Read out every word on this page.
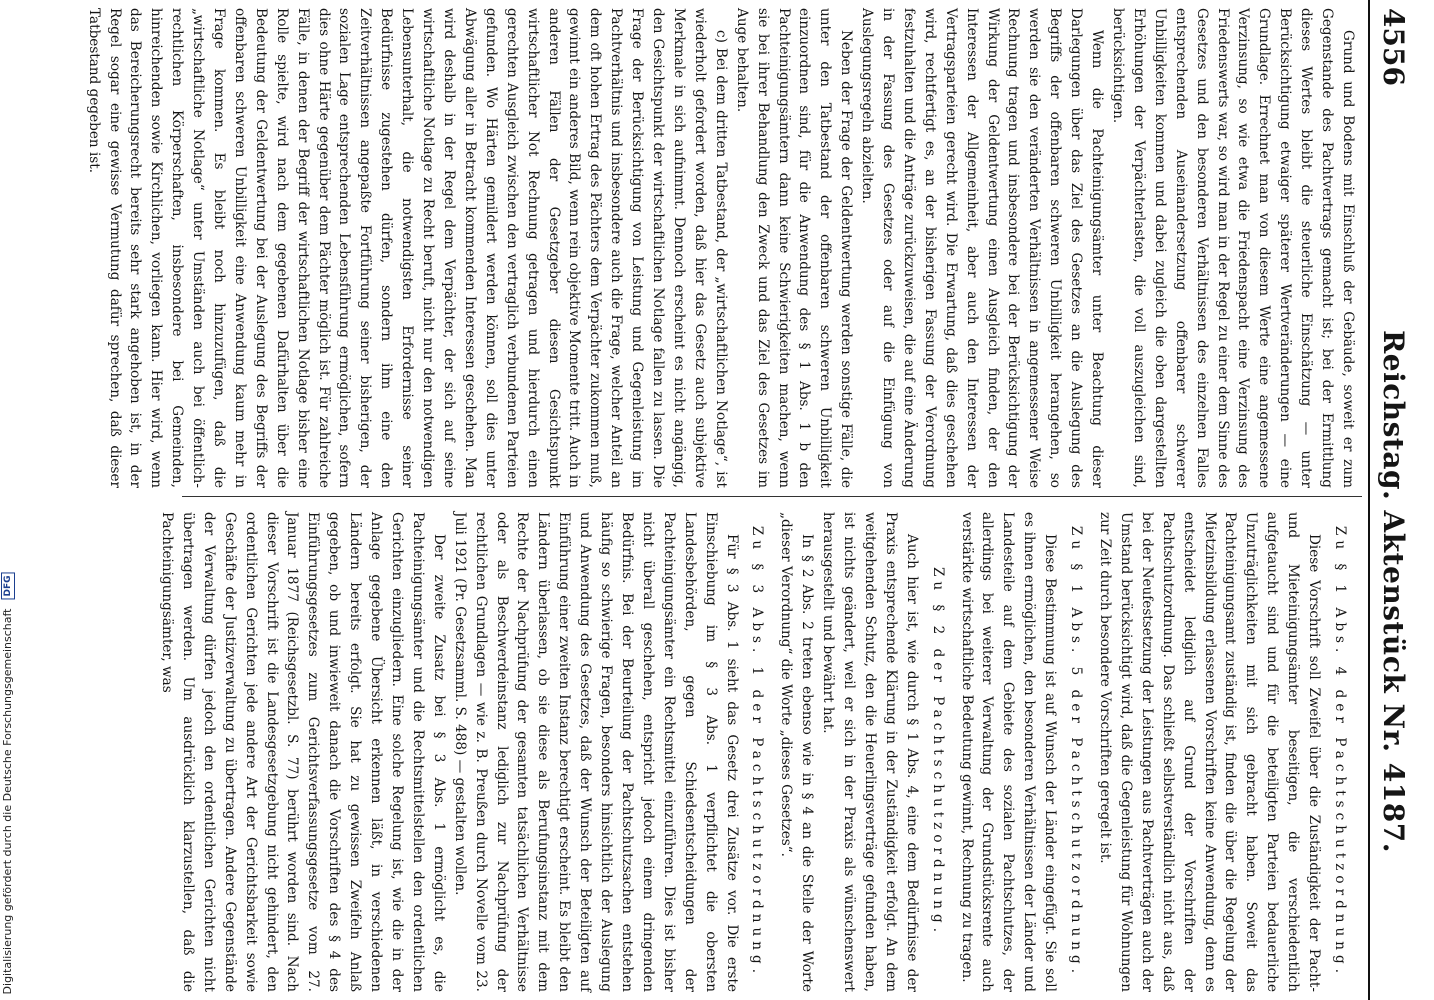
4556
Reichstag. Aktenstück Nr. 4187.

Grund und Bodens mit Einschluß der Gebäude, soweit er zum Gegenstande des Pachtvertrags gemacht ist; bei der Ermittlung dieses Wertes bleibt die steuerliche Einschätzung — unter Berücksichtigung etwaiger späterer Wertveränderungen — eine Grundlage. Errechnet man von diesem Werte eine angemessene Verzinsung, so wie etwa die Friedenspacht eine Verzinsung des Friedenswerts war, so wird man in der Regel zu einer dem Sinne des Gesetzes und den besonderen Verhältnissen des einzelnen Falles entsprechenden Auseinandersetzung offenbarer schwerer Unbilligkeiten kommen und dabei zugleich die oben dargestellten Erhöhungen der Verpächterlasten, die voll auszugleichen sind, berücksichtigen.

Wenn die Pachteinigungsämter unter Beachtung dieser Darlegungen über das Ziel des Gesetzes an die Auslegung des Begriffs der offenbaren schweren Unbilligkeit herangehen, so werden sie den veränderten Verhältnissen in angemessener Weise Rechnung tragen und insbesondere bei der Berücksichtigung der Wirkung der Geldentwertung einen Ausgleich finden, der den Interessen der Allgemeinheit, aber auch den Interessen der Vertragsparteien gerecht wird. Die Erwartung, daß dies geschehen wird, rechtfertigt es, an der bisherigen Fassung der Verordnung festzuhalten und die Anträge zurückzuweisen, die auf eine Änderung in der Fassung des Gesetzes oder auf die Einfügung von Auslegungsregeln abzielten.

Neben der Frage der Geldentwertung werden sonstige Fälle, die unter den Tatbestand der offenbaren schweren Unbilligkeit einzuordnen sind, für die Anwendung des § 1 Abs. 1 b den Pachteinigungsämtern dann keine Schwierigkeiten machen, wenn sie bei ihrer Behandlung den Zweck und das Ziel des Gesetzes im Auge behalten.

c) Bei dem dritten Tatbestand, der „wirtschaftlichen Notlage“, ist wiederholt gefordert worden, daß hier das Gesetz auch subjektive Merkmale in sich aufnimmt. Dennoch erscheint es nicht angängig, den Gesichtspunkt der wirtschaftlichen Notlage fallen zu lassen. Die Frage der Berücksichtigung von Leistung und Gegenleistung im Pachtverhältnis und insbesondere auch die Frage, welcher Anteil an dem oft hohen Ertrag des Pächters dem Verpächter zukommen muß, gewinnt ein anderes Bild, wenn rein objektive Momente tritt. Auch in anderen Fällen der Gesetzgeber diesen Gesichtspunkt wirtschaftlicher Not Rechnung getragen und hierdurch einen gerechten Ausgleich zwischen den vertraglich verbundenen Parteien gefunden. Wo Härten gemildert werden können, soll dies unter Abwägung aller in Betracht kommenden Interessen geschehen. Man wird deshalb in der Regel dem Verpächter, der sich auf seine wirtschaftliche Notlage zu Recht beruft, nicht nur den notwendigen Lebensunterhalt, die notwendigsten Erfordernisse seiner Bedürfnisse zugestehen dürfen, sondern ihm eine den Zeitverhältnissen angepaßte Fortführung seiner bisherigen, der sozialen Lage entsprechenden Lebensführung ermöglichen, sofern dies ohne Härte gegenüber dem Pächter möglich ist. Für zahlreiche Fälle, in denen der Begriff der wirtschaftlichen Notlage bisher eine Rolle spielte, wird nach dem gegebenen Dafürhalten über die Bedeutung der Geldentwertung bei der Auslegung des Begriffs der offenbaren schweren Unbilligkeit eine Anwendung kaum mehr in Frage kommen. Es bleibt noch hinzuzufügen, daß die „wirtschaftliche Notlage“ unter Umständen auch bei öffentlich-rechtlichen Körperschaften, insbesondere bei Gemeinden, hinreichenden sowie Kirchlichen, vorliegen kann. Hier wird, wenn das Bereicherungsrecht bereits sehr stark angehoben ist, in der Regel sogar eine gewisse Vermutung dafür sprechen, daß dieser Tatbestand gegeben ist.

Zu § 1 Abs. 4 der Pachtschutzordnung.

Diese Vorschrift soll Zweifel über die Zuständigkeit der Pacht- und Mieteinigungsämter beseitigen, die verschiedentlich aufgetaucht sind und für die beteiligten Parteien bedauerliche Unzuträglichkeiten mit sich gebracht haben. Soweit das Pachteinigungsamt zuständig ist, finden die über die Regelung der Mietzinsbildung erlassenen Vorschriften keine Anwendung, denn es entscheidet lediglich auf Grund der Vorschriften der Pachtschutzordnung. Das schließt selbstverständlich nicht aus, daß bei der Neufestsetzung der Leistungen aus Pachtverträgen auch der Umstand berücksichtigt wird, daß die Gegenleistung für Wohnungen zur Zeit durch besondere Vorschriften geregelt ist.

Zu § 1 Abs. 5 der Pachtschutzordnung.

Diese Bestimmung ist auf Wunsch der Länder eingefügt. Sie soll es ihnen ermöglichen, den besonderen Verhältnissen der Länder und Landesteile auf dem Gebiete des sozialen Pachtschutzes, der allerdings bei weiterer Verwaltung der Grundstücksrente auch verstärkte wirtschaftliche Bedeutung gewinnt, Rechnung zu tragen.

Zu § 2 der Pachtschutzordnung.

Auch hier ist, wie durch § 1 Abs. 4, eine dem Bedürfnisse der Praxis entsprechende Klärung in der Zuständigkeit erfolgt. An dem weitgehenden Schutz, den die Heuerlingsverträge gefunden haben, ist nichts geändert, weil er sich in der Praxis als wünschenswert herausgestellt und bewährt hat.

In § 2 Abs. 2 treten ebenso wie in § 4 an die Stelle der Worte „dieser Verordnung“ die Worte „dieses Gesetzes“.

Zu § 3 Abs. 1 der Pachtschutzordnung.

Für § 3 Abs. 1 sieht das Gesetz drei Zusätze vor. Die erste Einschiebung im § 3 Abs. 1 verpflichtet die obersten Landesbehörden, gegen Schiedsentscheidungen der Pachteinigungsämter ein Rechtsmittel einzuführen. Dies ist bisher nicht überall geschehen, entspricht jedoch einem dringenden Bedürfnis. Bei der Beurteilung der Pachtschutzsachen entstehen häufig so schwierige Fragen, besonders hinsichtlich der Auslegung und Anwendung des Gesetzes, daß der Wunsch der Beteiligten auf Einführung einer zweiten Instanz berechtigt erscheint. Es bleibt den Ländern überlassen, ob sie diese als Berufungsinstanz mit dem Rechte der Nachprüfung der gesamten tatsächlichen Verhältnisse oder als Beschwerdeinstanz lediglich zur Nachprüfung der rechtlichen Grundlagen — wie z. B. Preußen durch Novelle vom 23. Juli 1921 (Pr. Gesetzsamml. S. 488) — gestalten wollen.

Der zweite Zusatz bei § 3 Abs. 1 ermöglicht es, die Pachteinigungsämter und die Rechtsmittelstellen den ordentlichen Gerichten einzugliedern. Eine solche Regelung ist, wie die in der Anlage gegebene Übersicht erkennen läßt, in verschiedenen Ländern bereits erfolgt. Sie hat zu gewissen Zweifeln Anlaß gegeben, ob und inwieweit danach die Vorschriften des § 4 des Einführungsgesetzes zum Gerichtsverfassungsgesetze vom 27. Januar 1877 (Reichsgesetzbl. S. 77) berührt worden sind. Nach dieser Vorschrift ist die Landesgesetzgebung nicht gehindert, den ordentlichen Gerichten jede andere Art der Gerichtsbarkeit sowie Geschäfte der Justizverwaltung zu übertragen. Andere Gegenstände der Verwaltung dürfen jedoch den ordentlichen Gerichten nicht übertragen werden. Um ausdrücklich klarzustellen, daß die Pachteinigungsämter, was

Digitalisierung gefördert durch die Deutsche Forschungsgemeinschaft DFG
